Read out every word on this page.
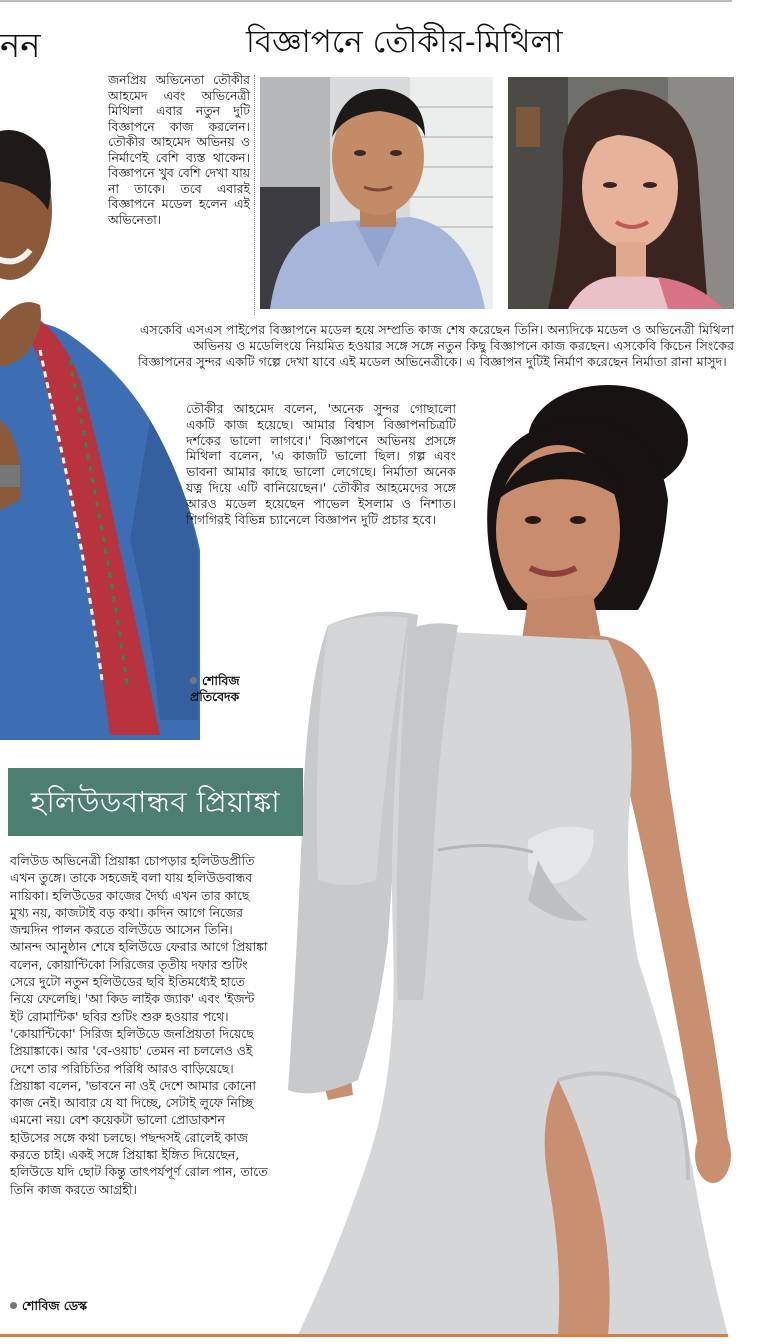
নন	বিজ্ঞাপনে তৌকীর-মিথিলা
জনপ্রিয় অভিনেতা তৌকীর আহমেদ এবং অভিনেত্রী মিথিলা এবার নতুন দুটি বিজ্ঞাপনে কাজ করলেন। তৌকীর আহমেদ অভিনয় ও নির্মাণেই বেশি ব্যস্ত থাকেন। বিজ্ঞাপনে খুব বেশি দেখা যায় না তাকে। তবে এবারই বিজ্ঞাপনে মডেল হলেন এই অভিনেতা।
এসকেবি এসএস পাইপের বিজ্ঞাপনে মডেল হয়ে সম্প্রতি কাজ শেষ করেছেন তিনি। অন্যদিকে মডেল ও অভিনেত্রী মিথিলা অভিনয় ও মডেলিংয়ে নিয়মিত হওয়ার সঙ্গে সঙ্গে নতুন কিছু বিজ্ঞাপনে কাজ করছেন। এসকেবি কিচেন সিংকের বিজ্ঞাপনের সুন্দর একটি গল্পে দেখা যাবে এই মডেল অভিনেত্রীকে। এ বিজ্ঞাপন দুটিই নির্মাণ করেছেন নির্মাতা রানা মাসুদ।
তৌকীর আহমেদ বলেন, 'অনেক সুন্দর গোছালো একটি কাজ হয়েছে। আমার বিশ্বাস বিজ্ঞাপনচিত্রটি দর্শকের ভালো লাগবে।' বিজ্ঞাপনে অভিনয় প্রসঙ্গে মিথিলা বলেন, 'এ কাজটি ভালো ছিল। গল্প এবং ভাবনা আমার কাছে ভালো লেগেছে। নির্মাতা অনেক যত্ন দিয়ে এটি বানিয়েছেন।' তৌকীর আহমেদের সঙ্গে আরও মডেল হয়েছেন পাভেল ইসলাম ও নিশাত। শিগগিরই বিভিন্ন চ্যানেলে বিজ্ঞাপন দুটি প্রচার হবে।
শোবিজ
প্রতিবেদক
হলিউডবান্ধব প্রিয়াঙ্কা
বলিউড অভিনেত্রী প্রিয়াঙ্কা চোপড়ার হলিউডপ্রীতি এখন তুঙ্গে। তাকে সহজেই বলা যায় হলিউডবান্ধব নায়িকা। হলিউডের কাজের দৈর্ঘ্য এখন তার কাছে মুখ্য নয়, কাজটাই বড় কথা। কদিন আগে নিজের জন্মদিন পালন করতে বলিউডে আসেন তিনি। আনন্দ আনুষ্ঠান শেষে হলিউডে ফেরার আগে প্রিয়াঙ্কা বলেন, কোয়ান্টিকো সিরিজের তৃতীয় দফার শুটিং সেরে দুটো নতুন হলিউডের ছবি ইতিমধ্যেই হাতে নিয়ে ফেলেছি। 'আ কিড লাইক জ্যাক' এবং 'ইজন্ট ইট রোমান্টিক' ছবির শুটিং শুরু হওয়ার পথে। 'কোয়ান্টিকো' সিরিজ হলিউডে জনপ্রিয়তা দিয়েছে প্রিয়াঙ্কাকে। আর 'বে-ওয়াচ' তেমন না চললেও ওই দেশে তার পরিচিতির পরিধি আরও বাড়িয়েছে। প্রিয়াঙ্কা বলেন, 'ভাবনে না ওই দেশে আমার কোনো কাজ নেই। আবার যে যা দিচ্ছে, সেটাই লুফে নিচ্ছি এমনো নয়। বেশ কয়েকটা ভালো প্রোডাকশন হাউসের সঙ্গে কথা চলছে। পছন্দসই রোলেই কাজ করতে চাই। একই সঙ্গে প্রিয়াঙ্কা ইঙ্গিত দিয়েছেন, হলিউডে যদি ছোট কিন্তু তাৎপর্যপূর্ণ রোল পান, তাতে তিনি কাজ করতে আগ্রহী।
শোবিজ ডেস্ক
